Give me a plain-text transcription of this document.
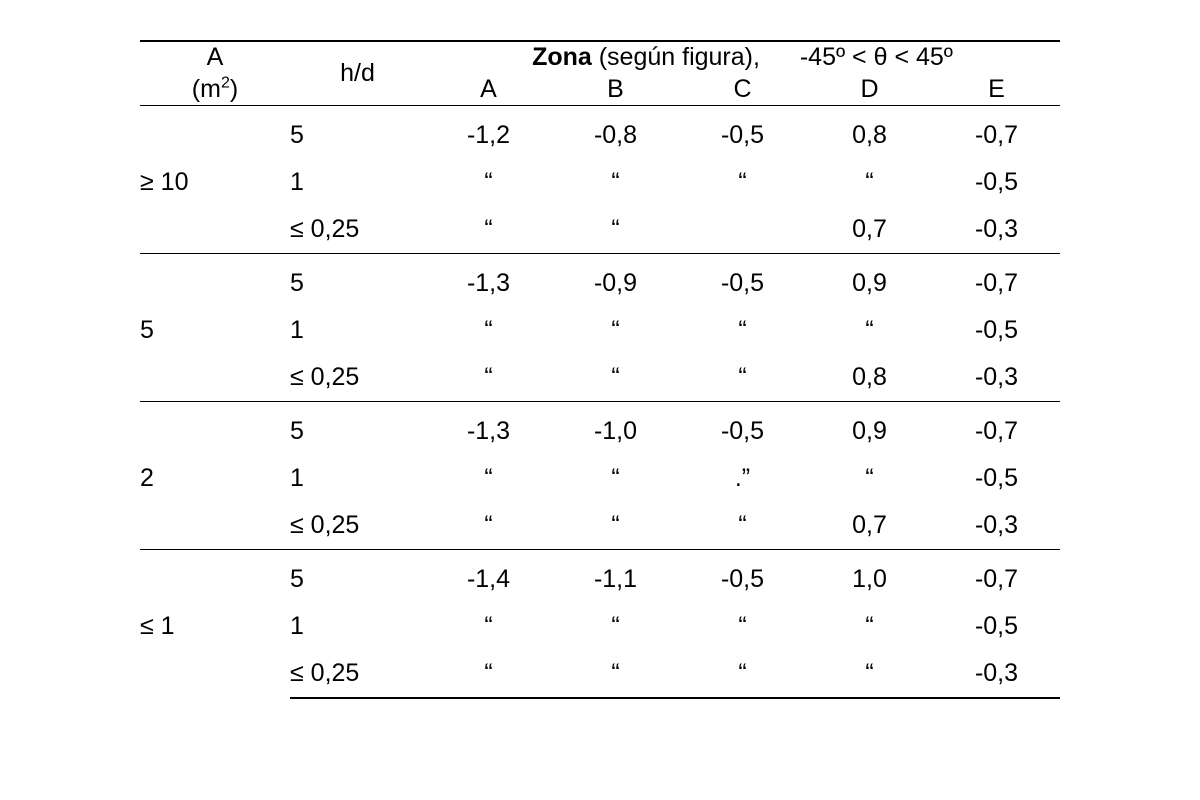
A
$(m^2)$	h/d	Zona (según figura), -45º < θ < 45º				
		A	B	C	D	E
≥ 10	5	-1,2	-0,8	-0,5	0,8	-0,7
	1	“	“	“	“	-0,5
	≤ 0,25	“	“		0,7	-0,3
5	5	-1,3	-0,9	-0,5	0,9	-0,7
	1	“	“	“	“	-0,5
	≤ 0,25	“	“	“	0,8	-0,3
2	5	-1,3	-1,0	-0,5	0,9	-0,7
	1	“	“	.”	“	-0,5
	≤ 0,25	“	“	“	0,7	-0,3
≤ 1	5	-1,4	-1,1	-0,5	1,0	-0,7
	1	“	“	“	“	-0,5
	≤ 0,25	“	“	“	“	-0,3
